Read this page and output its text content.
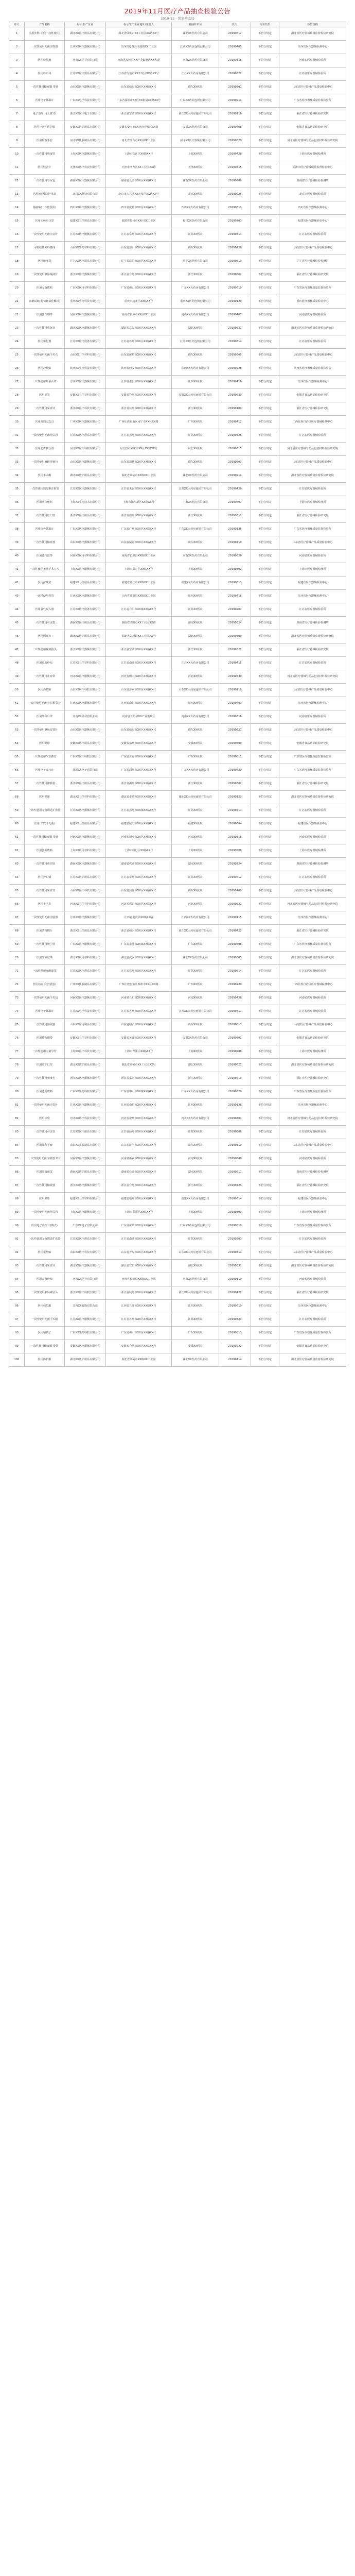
2019年11月医疗产品抽查检验公告
2019-12 · 国家药监局
序号	产品名称	标示生产企业	标示生产企业地址/注册人	被抽样单位	批号	检验结果	检验机构
1	医用外科口罩(一次性使用)	湖北XX医疗用品有限公司	湖北省仙桃市XX工业园XX路XX号	湖北XX医药有限公司	20190612	不符合规定	湖北省医疗器械质量监督检验研究院
2	一次性使用无菌注射器	江西XX医疗器械有限公司	江西省进贤县李渡镇XX工业园	江西XX药房连锁有限公司	20190405	不符合规定	江西省医疗器械检测中心
3	医用脱脂棉	河南XX卫材有限公司	河南省长垣县XX产业集聚区XX大道	河南XX医药有限公司	20190318	不符合规定	河南省医疗器械检验所
4	医用纱布块	江苏XX医疗用品有限公司	江苏省南通市XX开发区XX路XX号	江苏XX大药房有限公司	20190522	不符合规定	江苏省医疗器械检验所
5	一次性使用输液器 带针	山东XX医疗器械有限公司	山东省威海市XX区XX路XX号	山东XX医院	20190307	不符合规定	山东省医疗器械产品质量检验中心
6	医用电子体温计	广东XX电子科技有限公司	广东省深圳市XX区XX街道XX路XX号	广东XX药业连锁有限公司	20190211	不符合规定	广东省医疗器械质量监督检验所
7	电子血压计(上臂式)	浙江XX医疗电子有限公司	浙江省宁波市XX区XX路XX号	浙江XX大药房连锁有限公司	20190116	不符合规定	浙江省医疗器械检验研究院
8	医用一次性防护服	安徽XX防护用品有限公司	安徽省安庆市XX经济开发区XX路	安徽XX医药有限公司	20190408	不符合规定	安徽省食品药品检验研究院
9	医用检查手套	河北XX乳胶制品有限公司	河北省邢台市XX县XX工业区	河北XX医疗器械有限公司	20190620	不符合规定	河北省医疗器械与药品包装材料检验研究院
10	一次性使用吸痰管	上海XX医疗器械有限公司	上海市松江区XX路XX号	上海XX医院	20190428	不符合规定	上海市医疗器械检测所
11	医用缝合针	天津XX医疗科技有限公司	天津市西青区XX工业园XX路	天津XX医院	20190315	不符合规定	天津市医疗器械质量监督检验中心
12	一次性使用导尿包	湖南XX医疗器械有限公司	湖南省长沙市XX区XX路XX号	湖南XX医药有限公司	20190509	不符合规定	湖南省医疗器械检验检测所
13	医用X射线防护用品	北京XX科技有限公司	北京市大兴区XX开发区XX路XX号	北京XX医院	20190225	不符合规定	北京市医疗器械检验所
14	输液贴(一次性使用)	四川XX医疗器械有限公司	四川省成都市XX区XX路XX号	四川XX大药房有限公司	20190611	不符合规定	四川省医疗器械检测中心
15	医用无纺布口罩	福建XX卫生用品有限公司	福建省泉州市XX区XX工业区	福建XX医药有限公司	20190703	不符合规定	福建省医疗器械检验中心
16	一次性使用无菌注射针	江苏XX医疗器械有限公司	江苏省常州市XX区XX路XX号	江苏XX医院	20190413	不符合规定	江苏省医疗器械检验所
17	可吸收性外科缝线	山东XX生物材料有限公司	山东省烟台市XX区XX路XX号	山东XX医院	20190226	不符合规定	山东省医疗器械产品质量检验中心
18	医用输液袋	辽宁XX医疗用品有限公司	辽宁省沈阳市XX区XX路XX号	辽宁XX医药有限公司	20190510	不符合规定	辽宁省医疗器械检验检测院
19	一次性使用静脉输液针	浙江XX医疗器械有限公司	浙江省台州市XX区XX路XX号	浙江XX医院	20190302	不符合规定	浙江省医疗器械检验研究院
20	医用无菌敷贴	广东XX医用材料有限公司	广东省佛山市XX区XX路XX号	广东XX大药房有限公司	20190619	不符合规定	广东省医疗器械质量监督检验所
21	血糖试纸(葡萄糖氧化酶法)	重庆XX生物科技有限公司	重庆市渝北区XX路XX号	重庆XX医药连锁有限公司	20190120	不符合规定	重庆医疗器械质量检验中心
22	医用弹性绷带	河南XX医疗器械有限公司	河南省新乡市XX县XX工业园	河南XX大药房有限公司	20190407	不符合规定	河南省医疗器械检验所
23	一次性使用鼻氧管	湖北XX医疗器械有限公司	湖北省武汉市XX区XX路XX号	湖北XX医院	20190521	不符合规定	湖北省医疗器械质量监督检验研究院
24	医用雾化器	江苏XX医疗设备有限公司	江苏省苏州市XX区XX路XX号	江苏XX医药连锁有限公司	20190314	不符合规定	江苏省医疗器械检验所
25	一次性使用无菌手术衣	山东XX卫生材料有限公司	山东省潍坊市XX区XX路XX号	山东XX医院	20190605	不符合规定	山东省医疗器械产品质量检验中心
26	医用冷敷贴	陕西XX生物科技有限公司	陕西省西安市XX区XX路XX号	陕西XX大药房有限公司	20190228	不符合规定	陕西省医疗器械质量监督检验院
27	一次性使用吸氧面罩	江西XX医疗器械有限公司	江西省南昌市XX区XX路XX号	江西XX医院	20190416	不符合规定	江西省医疗器械检测中心
28	医用棉签	安徽XX卫生材料有限公司	安徽省合肥市XX区XX路XX号	安徽XX大药房连锁有限公司	20190530	不符合规定	安徽省食品药品检验研究院
29	一次性使用采血针	浙江XX医疗科技有限公司	浙江省杭州市XX区XX路XX号	浙江XX医院	20190109	不符合规定	浙江省医疗器械检验研究院
30	医用外固定支具	广西XX医疗器械有限公司	广西壮族自治区南宁市XX区XX路	广西XX医院	20190412	不符合规定	广西壮族自治区医疗器械检测中心
31	一次性使用无菌导尿管	江苏XX医疗用品有限公司	江苏省扬州市XX区XX路XX号	江苏XX医院	20190326	不符合规定	江苏省医疗器械检验所
32	医用超声耦合剂	河北XX医疗科技有限公司	河北省石家庄市XX区XX路XX号	河北XX医院	20190615	不符合规定	河北省医疗器械与药品包装材料检验研究院
33	一次性使用麻醉穿刺包	山东XX医疗器械有限公司	山东省淄博市XX区XX路XX号	山东XX医院	20190503	不符合规定	山东省医疗器械产品质量检验中心
34	医用手术帽	湖北XX防护用品有限公司	湖北省仙桃市XX镇XX工业园	湖北XX医药有限公司	20190214	不符合规定	湖北省医疗器械质量监督检验研究院
35	一次性使用胰岛素注射器	江苏XX医疗器械有限公司	江苏省无锡市XX区XX路XX号	江苏XX大药房连锁有限公司	20190429	不符合规定	江苏省医疗器械检验所
36	医用液体敷料	上海XX生物技术有限公司	上海市浦东新区XX路XX号	上海XX药房有限公司	20190607	不符合规定	上海市医疗器械检测所
37	一次性使用肛门管	浙江XX医疗用品有限公司	浙江省温州市XX区XX路XX号	浙江XX医院	20190311	不符合规定	浙江省医疗器械检验研究院
38	医用红外体温计	广东XX医疗器械有限公司	广东省广州市XX区XX路XX号	广东XX大药房连锁有限公司	20190125	不符合规定	广东省医疗器械质量监督检验所
39	一次性使用输血器	山东XX医疗器械有限公司	山东省威海市XX区XX路XX号	山东XX医院	20190419	不符合规定	山东省医疗器械产品质量检验中心
40	医用透气胶带	河南XX医用材料有限公司	河南省长垣县XX镇XX工业区	河南XX医药有限公司	20190526	不符合规定	河南省医疗器械检验所
41	一次性使用无菌手术刀片	上海XX医疗器械有限公司	上海市嘉定区XX路XX号	上海XX医院	20190302	不符合规定	上海市医疗器械检测所
42	医用护理垫	福建XX卫生用品有限公司	福建省晋江市XX镇XX工业区	福建XX大药房有限公司	20190613	不符合规定	福建省医疗器械检验中心
43	一次性使用胃管	江西XX医疗器械有限公司	江西省进贤县XX镇XX工业园	江西XX医院	20190418	不符合规定	江西省医疗器械检测中心
44	医用氧气吸入器	江苏XX医疗设备有限公司	江苏省丹阳市XX镇XX路XX号	江苏XX医院	20190207	不符合规定	江苏省医疗器械检验所
45	一次性使用引流袋	湖南XX医疗用品有限公司	湖南省浏阳市XX工业园XX路	湖南XX医院	20190524	不符合规定	湖南省医疗器械检验检测所
46	医用隔离衣	湖北XX防护用品有限公司	湖北省彭场镇XX工业园XX号	湖北XX医院	20190609	不符合规定	湖北省医疗器械质量监督检验研究院
47	一次性使用输液接头	浙江XX医疗器械有限公司	浙江省宁波市XX区XX路XX号	浙江XX医院	20190321	不符合规定	浙江省医疗器械检验研究院
48	医用脱脂纱布	江苏XX卫生材料有限公司	江苏省南通市XX区XX路XX号	江苏XX大药房有限公司	20190415	不符合规定	江苏省医疗器械检验所
49	一次性使用止血带	河北XX医疗器械有限公司	河北省衡水市XX区XX路XX号	河北XX医院	20190530	不符合规定	河北省医疗器械与药品包装材料检验研究院
50	医用热敷贴	山东XX医疗科技有限公司	山东省济南市XX区XX路XX号	山东XX大药房连锁有限公司	20190118	不符合规定	山东省医疗器械产品质量检验中心
51	一次性使用无菌注射器 带针	江西XX医疗器械有限公司	江西省南昌市XX区XX路XX号	江西XX医院	20190403	不符合规定	江西省医疗器械检测中心
52	医用外科口罩	河南XX卫材有限公司	河南省长垣县XX产业集聚区	河南XX大药房有限公司	20190616	不符合规定	河南省医疗器械检验所
53	一次性使用静脉留置针	山东XX医疗器械有限公司	山东省威海市XX区XX路XX号	山东XX医院	20190227	不符合规定	山东省医疗器械产品质量检验中心
54	医用绷带	安徽XX医疗用品有限公司	安徽省宿州市XX区XX路XX号	安徽XX医院	20190509	不符合规定	安徽省食品药品检验研究院
55	一次性使用气管插管	广东XX医疗科技有限公司	广东省珠海市XX区XX路XX号	广东XX医院	20190311	不符合规定	广东省医疗器械质量监督检验所
56	医用电子血压计	深圳XX电子有限公司	广东省深圳市XX区XX路XX号	广东XX大药房有限公司	20190420	不符合规定	广东省医疗器械质量监督检验所
57	一次性使用灌肠袋	浙江XX医疗用品有限公司	浙江省湖州市XX区XX路XX号	浙江XX医院	20190602	不符合规定	浙江省医疗器械检验研究院
58	医用棉球	湖北XX卫生材料有限公司	湖北省孝感市XX区XX路XX号	湖北XX大药房连锁有限公司	20190123	不符合规定	湖北省医疗器械质量监督检验研究院
59	一次性使用无菌阴道扩张器	江苏XX医疗器械有限公司	江苏省扬州市XX镇XX路XX号	江苏XX医院	20190417	不符合规定	江苏省医疗器械检验所
60	医用口罩(非无菌)	福建XX卫生用品有限公司	福建省厦门市XX区XX路XX号	福建XX医院	20190604	不符合规定	福建省医疗器械检验中心
61	一次性使用输液器 带针	河南XX医疗器械有限公司	河南省新乡市XX区XX路XX号	河南XX医院	20190318	不符合规定	河南省医疗器械检验所
62	医用创面敷料	上海XX医用材料有限公司	上海市闵行区XX路XX号	上海XX医院	20190506	不符合规定	上海市医疗器械检测所
63	一次性使用鼻饲管	湖南XX医疗器械有限公司	湖南省株洲市XX区XX路XX号	湖南XX医院	20190224	不符合规定	湖南省医疗器械检验检测所
64	医用护目镜	江苏XX防护用品有限公司	江苏省泰州市XX区XX路XX号	江苏XX医院	20190612	不符合规定	江苏省医疗器械检验所
65	一次性使用采血管	山东XX医疗科技有限公司	山东省菏泽市XX区XX路XX号	山东XX医院	20190409	不符合规定	山东省医疗器械产品质量检验中心
66	医用手术巾	河北XX卫生材料有限公司	河北省保定市XX区XX路XX号	河北XX医院	20190527	不符合规定	河北省医疗器械与药品包装材料检验研究院
67	一次性使用无菌注射器	江西XX医疗器械有限公司	江西省进贤县XX镇XX路	江西XX大药房有限公司	20190115	不符合规定	江西省医疗器械检测中心
68	医用酒精棉片	浙江XX卫生用品有限公司	浙江省绍兴市XX区XX路XX号	浙江XX大药房连锁有限公司	20190422	不符合规定	浙江省医疗器械检验研究院
69	一次性使用吸引管	广东XX医疗器械有限公司	广东省东莞市XX镇XX路XX号	广东XX医院	20190608	不符合规定	广东省医疗器械质量监督检验所
70	医用压敏胶带	湖北XX医用材料有限公司	湖北省武汉市XX区XX路XX号	湖北XX医药有限公司	20190305	不符合规定	湖北省医疗器械质量监督检验研究院
71	一次性使用麻醉面罩	江苏XX医疗用品有限公司	江苏省常州市XX区XX路XX号	江苏XX医院	20190514	不符合规定	江苏省医疗器械检验所
72	医用检查手套(乳胶)	广西XX乳胶制品有限公司	广西壮族自治区柳州市XX区XX路	广西XX医院	20190220	不符合规定	广西壮族自治区医疗器械检测中心
73	一次性使用无菌手术包	河南XX医疗器械有限公司	河南省长垣县XX镇XX路XX号	河南XX医院	20190426	不符合规定	河南省医疗器械检验所
74	医用电子体温计	江苏XX电子科技有限公司	江苏省苏州市XX区XX路XX号	江苏XX大药房连锁有限公司	20190617	不符合规定	江苏省医疗器械检验所
75	一次性使用输液器	山东XX医用制品有限公司	山东省临沂市XX区XX路XX号	山东XX医院	20190313	不符合规定	山东省医疗器械产品质量检验中心
76	医用纱布绷带	安徽XX卫生材料有限公司	安徽省芜湖市XX区XX路XX号	安徽XX医药有限公司	20190501	不符合规定	安徽省食品药品检验研究院
77	一次性使用无菌导管	上海XX医疗科技有限公司	上海市青浦区XX路XX号	上海XX医院	20190208	不符合规定	上海市医疗器械检测所
78	医用防护口罩	湖北XX防护用品有限公司	湖北省仙桃市XX工业园XX号	湖北XX医院	20190621	不符合规定	湖北省医疗器械质量监督检验研究院
79	一次性使用吸痰包	浙江XX医疗器械有限公司	浙江省嘉兴市XX区XX路XX号	浙江XX医院	20190410	不符合规定	浙江省医疗器械检验研究院
80	医用透明敷料	广东XX生物科技有限公司	广东省中山市XX镇XX路XX号	广东XX大药房有限公司	20190529	不符合规定	广东省医疗器械质量监督检验所
81	一次性使用无菌注射针	江西XX医疗器械有限公司	江西省南昌市XX区XX路XX号	江西XX医院	20190126	不符合规定	江西省医疗器械检测中心
82	医用冰袋	河北XX医疗科技有限公司	河北省沧州市XX区XX路XX号	河北XX大药房有限公司	20190404	不符合规定	河北省医疗器械与药品包装材料检验研究院
83	一次性使用引流管	江苏XX医疗用品有限公司	江苏省扬州市XX区XX路XX号	江苏XX医院	20190606	不符合规定	江苏省医疗器械检验所
84	医用外科手套	山东XX乳胶制品有限公司	山东省济宁市XX区XX路XX号	山东XX医院	20190319	不符合规定	山东省医疗器械产品质量检验中心
85	一次性使用无菌注射器 带针	河南XX医疗器械有限公司	河南省新乡市XX县XX路XX号	河南XX医院	20190508	不符合规定	河南省医疗器械检验所
86	医用隔离面罩	湖南XX防护用品有限公司	湖南省长沙市XX区XX路XX号	湖南XX医院	20190217	不符合规定	湖南省医疗器械检验检测所
87	一次性使用输液器	浙江XX医疗器械有限公司	浙江省台州市XX区XX路XX号	浙江XX医院	20190423	不符合规定	浙江省医疗器械检验研究院
88	医用棉垫	福建XX卫生材料有限公司	福建省福州市XX区XX路XX号	福建XX大药房有限公司	20190614	不符合规定	福建省医疗器械检验中心
89	一次性使用无菌导尿管	上海XX医疗器械有限公司	上海市奉贤区XX路XX号	上海XX医院	20190309	不符合规定	上海市医疗器械检测所
90	医用电子血压计(腕式)	广东XX电子有限公司	广东省深圳市XX区XX路XX号	广东XX药业连锁有限公司	20190519	不符合规定	广东省医疗器械质量监督检验所
91	一次性使用无菌阴道扩张器	江苏XX医疗用品有限公司	江苏省南通市XX区XX路XX号	江苏XX医院	20190203	不符合规定	江苏省医疗器械检验所
92	医用退热贴	山东XX医疗科技有限公司	山东省青岛市XX区XX路XX号	山东XX大药房连锁有限公司	20190411	不符合规定	山东省医疗器械产品质量检验中心
93	一次性使用采血针	湖北XX医疗器械有限公司	湖北省宜昌市XX区XX路XX号	湖北XX医院	20190531	不符合规定	湖北省医疗器械质量监督检验研究院
94	医用无菌纱布	河南XX卫材有限公司	河南省长垣县XX镇XX工业园	河南XX医药有限公司	20190119	不符合规定	河南省医疗器械检验所
95	一次性使用胰岛素针头	浙江XX医疗科技有限公司	浙江省杭州市XX区XX路XX号	浙江XX大药房连锁有限公司	20190427	不符合规定	浙江省医疗器械检验研究院
96	医用病员服	江西XX服饰有限公司	江西省九江市XX区XX路XX号	江西XX医院	20190610	不符合规定	江西省医疗器械检测中心
97	一次性使用无菌手术膜	江苏XX医疗器械有限公司	江苏省苏州市XX区XX路XX号	江苏XX医院	20190323	不符合规定	江苏省医疗器械检验所
98	医用咽拭子	广东XX生物科技有限公司	广东省佛山市XX区XX路XX号	广东XX医院	20190513	不符合规定	广东省医疗器械质量监督检验所
99	一次性使用输液器 带针	安徽XX医疗器械有限公司	安徽省合肥市XX区XX路XX号	安徽XX医院	20190222	不符合规定	安徽省食品药品检验研究院
100	医用防护服	湖北XX防护用品有限公司	湖北省仙桃市XX镇XX工业园	湖北XX医药有限公司	20190414	不符合规定	湖北省医疗器械质量监督检验研究院
